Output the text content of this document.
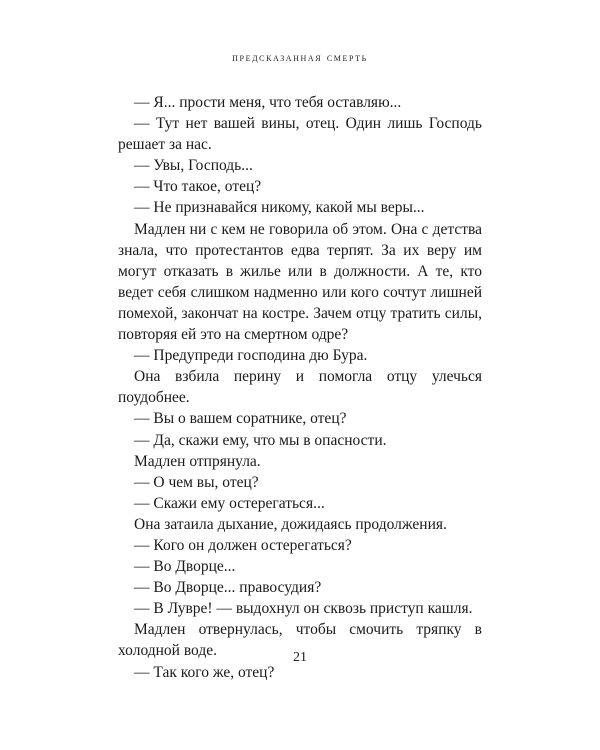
предсказанная смерть

— Я... прости меня, что тебя оставляю...

— Тут нет вашей вины, отец. Один лишь Господь решает за нас.

— Увы, Господь...

— Что такое, отец?

— Не признавайся никому, какой мы веры...

Мадлен ни с кем не говорила об этом. Она с детства знала, что протестантов едва терпят. За их веру им могут отказать в жилье или в должности. А те, кто ведет себя слишком надменно или кого сочтут лишней помехой, закончат на костре. Зачем отцу тратить силы, повторяя ей это на смертном одре?

— Предупреди господина дю Бура.

Она взбила перину и помогла отцу улечься поудобнее.

— Вы о вашем соратнике, отец?

— Да, скажи ему, что мы в опасности.

Мадлен отпрянула.

— О чем вы, отец?

— Скажи ему остерегаться...

Она затаила дыхание, дожидаясь продолжения.

— Кого он должен остерегаться?

— Во Дворце...

— Во Дворце... правосудия?

— В Лувре! — выдохнул он сквозь приступ кашля.

Мадлен отвернулась, чтобы смочить тряпку в холодной воде.

— Так кого же, отец?

21
